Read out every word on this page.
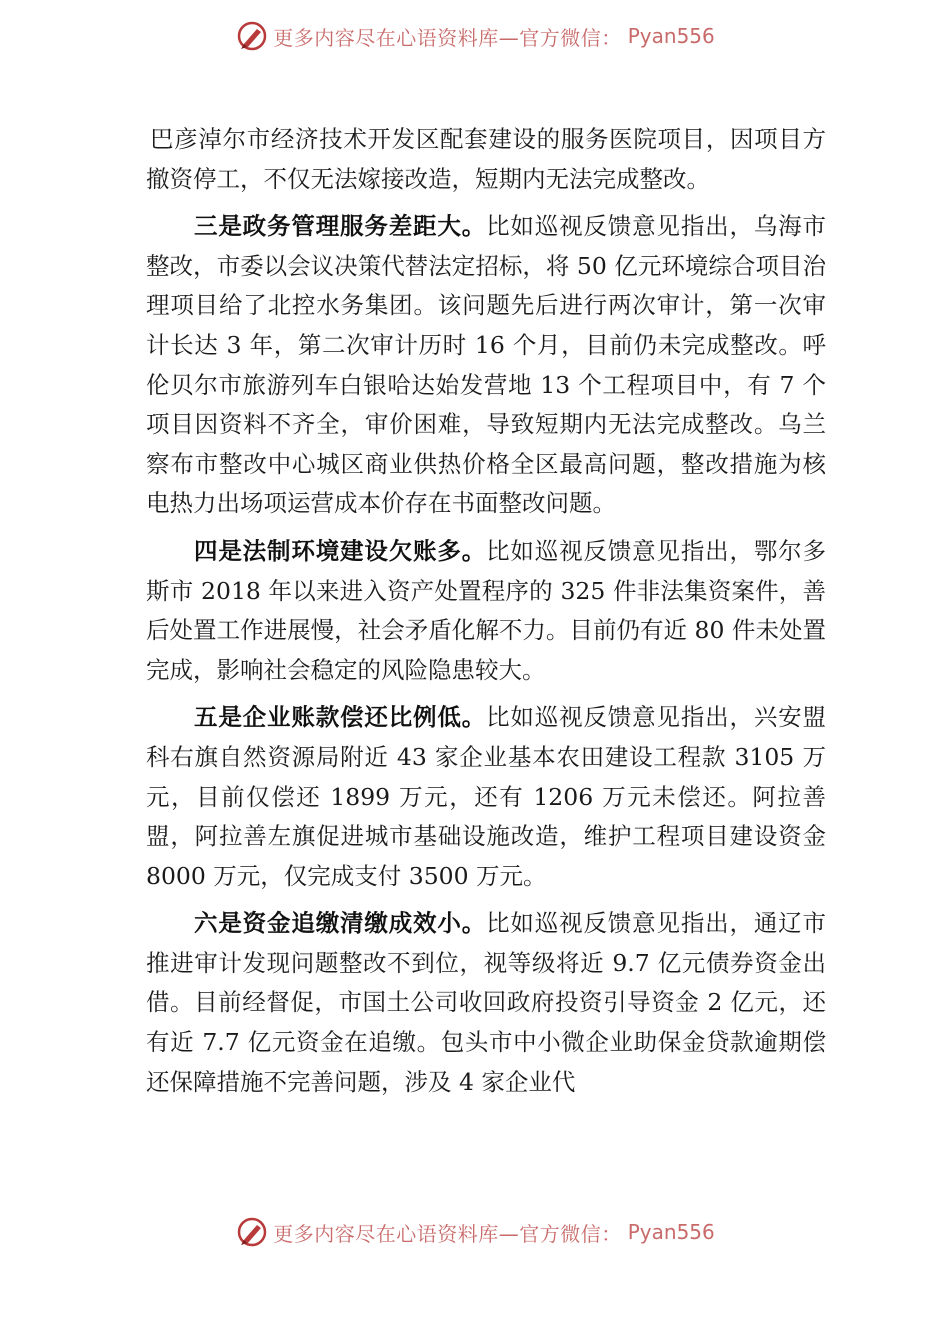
更多内容尽在心语资料库—官方微信： Pyan556

巴彦淖尔市经济技术开发区配套建设的服务医院项目，因项目方撤资停工，不仅无法嫁接改造，短期内无法完成整改。

三是政务管理服务差距大。比如巡视反馈意见指出，乌海市整改，市委以会议决策代替法定招标，将 50 亿元环境综合项目治理项目给了北控水务集团。该问题先后进行两次审计，第一次审计长达 3 年，第二次审计历时 16 个月，目前仍未完成整改。呼伦贝尔市旅游列车白银哈达始发营地 13 个工程项目中，有 7 个项目因资料不齐全，审价困难，导致短期内无法完成整改。乌兰察布市整改中心城区商业供热价格全区最高问题，整改措施为核电热力出场项运营成本价存在书面整改问题。

四是法制环境建设欠账多。比如巡视反馈意见指出，鄂尔多斯市 2018 年以来进入资产处置程序的 325 件非法集资案件，善后处置工作进展慢，社会矛盾化解不力。目前仍有近 80 件未处置完成，影响社会稳定的风险隐患较大。

五是企业账款偿还比例低。比如巡视反馈意见指出，兴安盟科右旗自然资源局附近 43 家企业基本农田建设工程款 3105 万元，目前仅偿还 1899 万元，还有 1206 万元未偿还。阿拉善盟，阿拉善左旗促进城市基础设施改造，维护工程项目建设资金 8000 万元，仅完成支付 3500 万元。

六是资金追缴清缴成效小。比如巡视反馈意见指出，通辽市推进审计发现问题整改不到位，视等级将近 9.7 亿元债券资金出借。目前经督促，市国土公司收回政府投资引导资金 2 亿元，还有近 7.7 亿元资金在追缴。包头市中小微企业助保金贷款逾期偿还保障措施不完善问题，涉及 4 家企业代

更多内容尽在心语资料库—官方微信： Pyan556
